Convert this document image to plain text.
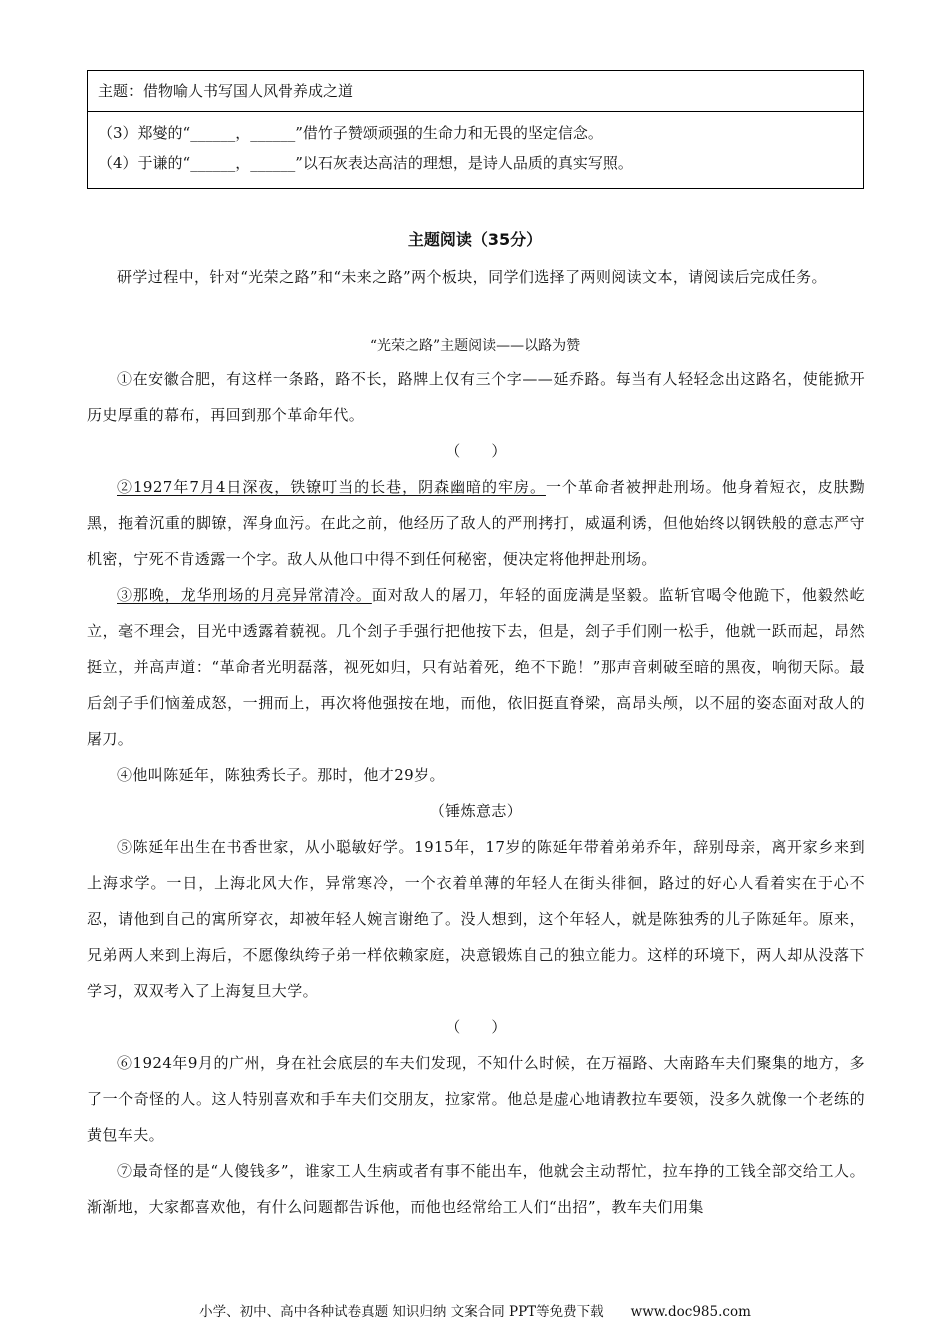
主题：借物喻人书写国人风骨养成之道
（3）郑燮的“______，______”借竹子赞颂顽强的生命力和无畏的坚定信念。
（4）于谦的“______，______”以石灰表达高洁的理想，是诗人品质的真实写照。
主题阅读（35分）
研学过程中，针对“光荣之路”和“未来之路”两个板块，同学们选择了两则阅读文本，请阅读后完成任务。
“光荣之路”主题阅读——以路为赞

①在安徽合肥，有这样一条路，路不长，路牌上仅有三个字——延乔路。每当有人轻轻念出这路名，使能掀开历史厚重的幕布，再回到那个革命年代。

（　　）

②1927年7月4日深夜，铁镣叮当的长巷，阴森幽暗的牢房。一个革命者被押赴刑场。他身着短衣，皮肤黝黑，拖着沉重的脚镣，浑身血污。在此之前，他经历了敌人的严刑拷打，威逼利诱，但他始终以钢铁般的意志严守机密，宁死不肯透露一个字。敌人从他口中得不到任何秘密，便决定将他押赴刑场。

③那晚，龙华刑场的月亮异常清冷。面对敌人的屠刀，年轻的面庞满是坚毅。监斩官喝令他跪下，他毅然屹立，毫不理会，目光中透露着藐视。几个刽子手强行把他按下去，但是，刽子手们刚一松手，他就一跃而起，昂然挺立，并高声道：“革命者光明磊落，视死如归，只有站着死，绝不下跪！”那声音刺破至暗的黑夜，响彻天际。最后刽子手们恼羞成怒，一拥而上，再次将他强按在地，而他，依旧挺直脊梁，高昂头颅，以不屈的姿态面对敌人的屠刀。

④他叫陈延年，陈独秀长子。那时，他才29岁。

（锤炼意志）

⑤陈延年出生在书香世家，从小聪敏好学。1915年，17岁的陈延年带着弟弟乔年，辞别母亲，离开家乡来到上海求学。一日，上海北风大作，异常寒冷，一个衣着单薄的年轻人在街头徘徊，路过的好心人看着实在于心不忍，请他到自己的寓所穿衣，却被年轻人婉言谢绝了。没人想到，这个年轻人，就是陈独秀的儿子陈延年。原来，兄弟两人来到上海后，不愿像纨绔子弟一样依赖家庭，决意锻炼自己的独立能力。这样的环境下，两人却从没落下学习，双双考入了上海复旦大学。

（　　）

⑥1924年9月的广州，身在社会底层的车夫们发现，不知什么时候，在万福路、大南路车夫们聚集的地方，多了一个奇怪的人。这人特别喜欢和手车夫们交朋友，拉家常。他总是虚心地请教拉车要领，没多久就像一个老练的黄包车夫。

⑦最奇怪的是“人傻钱多”，谁家工人生病或者有事不能出车，他就会主动帮忙，拉车挣的工钱全部交给工人。渐渐地，大家都喜欢他，有什么问题都告诉他，而他也经常给工人们“出招”，教车夫们用集

小学、初中、高中各种试卷真题 知识归纳 文案合同 PPT等免费下载　　www.doc985.com
